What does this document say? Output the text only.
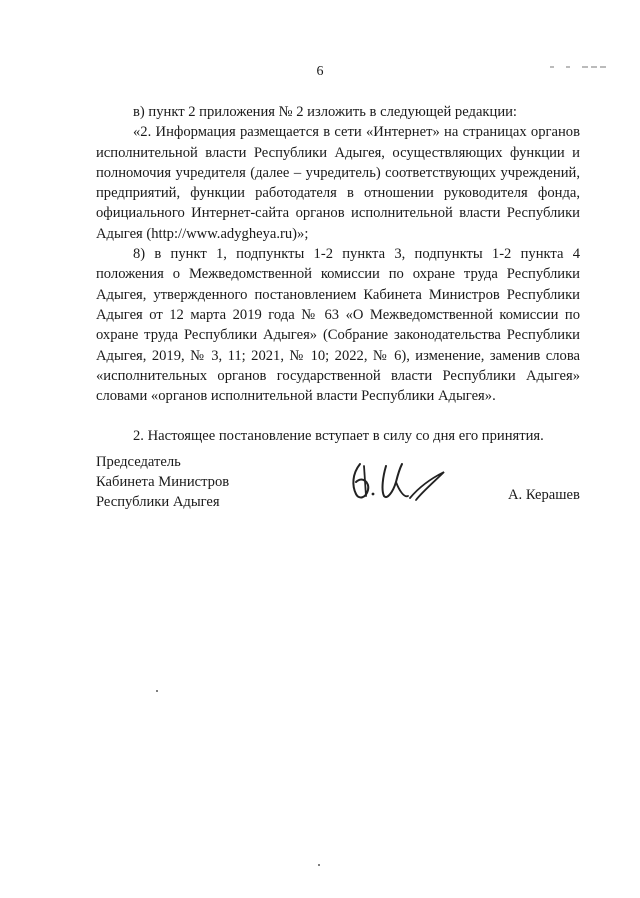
6

в) пункт 2 приложения № 2 изложить в следующей редакции:

«2. Информация размещается в сети «Интернет» на страницах органов исполнительной власти Республики Адыгея, осуществляющих функции и полномочия учредителя (далее – учредитель) соответствующих учреждений, предприятий, функции работодателя в отношении руководителя фонда, официального Интернет-сайта органов исполнительной власти Республики Адыгея (http://www.adygheya.ru)»;

8) в пункт 1, подпункты 1-2 пункта 3, подпункты 1-2 пункта 4 положения о Межведомственной комиссии по охране труда Республики Адыгея, утвержденного постановлением Кабинета Министров Республики Адыгея от 12 марта 2019 года № 63 «О Межведомственной комиссии по охране труда Республики Адыгея» (Собрание законодательства Республики Адыгея, 2019, № 3, 11; 2021, № 10; 2022, № 6), изменение, заменив слова «исполнительных органов государственной власти Республики Адыгея» словами «органов исполнительной власти Республики Адыгея».

2. Настоящее постановление вступает в силу со дня его принятия.

Председатель
Кабинета Министров
Республики Адыгея	А. Керашев
